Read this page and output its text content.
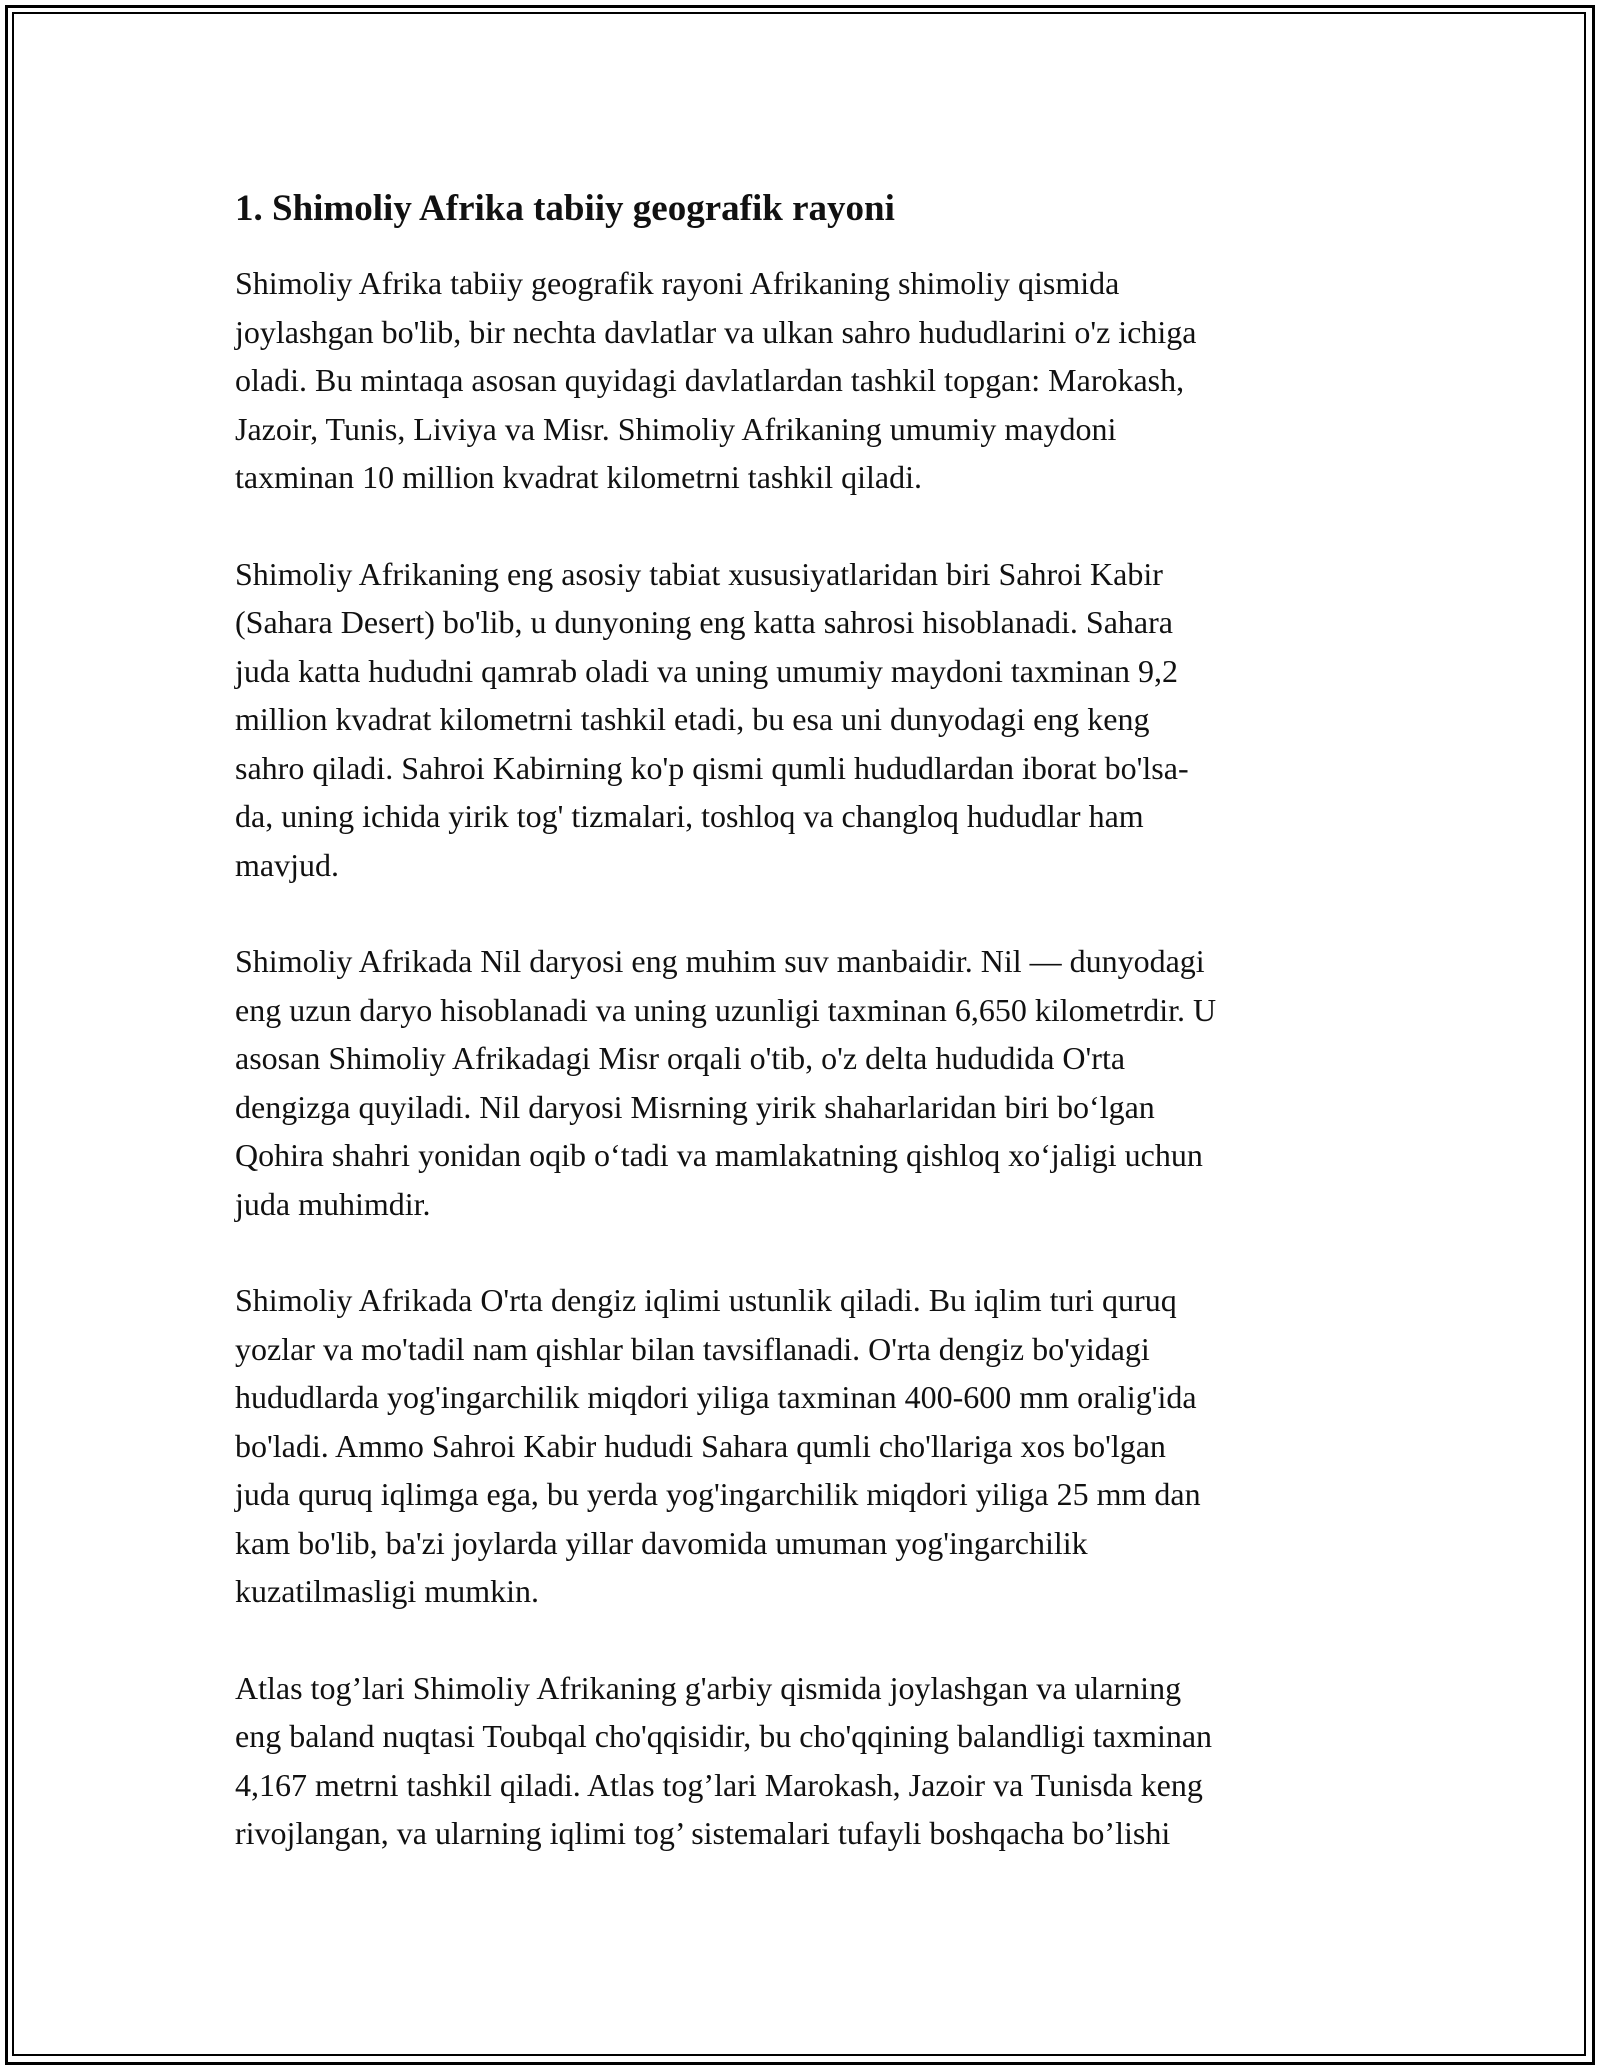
1. Shimoliy Afrika tabiiy geografik rayoni

Shimoliy Afrika tabiiy geografik rayoni Afrikaning shimoliy qismida
joylashgan bo'lib, bir nechta davlatlar va ulkan sahro hududlarini o'z ichiga
oladi. Bu mintaqa asosan quyidagi davlatlardan tashkil topgan: Marokash,
Jazoir, Tunis, Liviya va Misr. Shimoliy Afrikaning umumiy maydoni
taxminan 10 million kvadrat kilometrni tashkil qiladi.

Shimoliy Afrikaning eng asosiy tabiat xususiyatlaridan biri Sahroi Kabir
(Sahara Desert) bo'lib, u dunyoning eng katta sahrosi hisoblanadi. Sahara
juda katta hududni qamrab oladi va uning umumiy maydoni taxminan 9,2
million kvadrat kilometrni tashkil etadi, bu esa uni dunyodagi eng keng
sahro qiladi. Sahroi Kabirning ko'p qismi qumli hududlardan iborat bo'lsa-
da, uning ichida yirik tog' tizmalari, toshloq va changloq hududlar ham
mavjud.

Shimoliy Afrikada Nil daryosi eng muhim suv manbaidir. Nil — dunyodagi
eng uzun daryo hisoblanadi va uning uzunligi taxminan 6,650 kilometrdir. U
asosan Shimoliy Afrikadagi Misr orqali o'tib, o'z delta hududida O'rta
dengizga quyiladi. Nil daryosi Misrning yirik shaharlaridan biri bo‘lgan
Qohira shahri yonidan oqib o‘tadi va mamlakatning qishloq xo‘jaligi uchun
juda muhimdir.

Shimoliy Afrikada O'rta dengiz iqlimi ustunlik qiladi. Bu iqlim turi quruq
yozlar va mo'tadil nam qishlar bilan tavsiflanadi. O'rta dengiz bo'yidagi
hududlarda yog'ingarchilik miqdori yiliga taxminan 400-600 mm oralig'ida
bo'ladi. Ammo Sahroi Kabir hududi Sahara qumli cho'llariga xos bo'lgan
juda quruq iqlimga ega, bu yerda yog'ingarchilik miqdori yiliga 25 mm dan
kam bo'lib, ba'zi joylarda yillar davomida umuman yog'ingarchilik
kuzatilmasligi mumkin.

Atlas tog’lari Shimoliy Afrikaning g'arbiy qismida joylashgan va ularning
eng baland nuqtasi Toubqal cho'qqisidir, bu cho'qqining balandligi taxminan
4,167 metrni tashkil qiladi. Atlas tog’lari Marokash, Jazoir va Tunisda keng
rivojlangan, va ularning iqlimi tog’ sistemalari tufayli boshqacha bo’lishi
